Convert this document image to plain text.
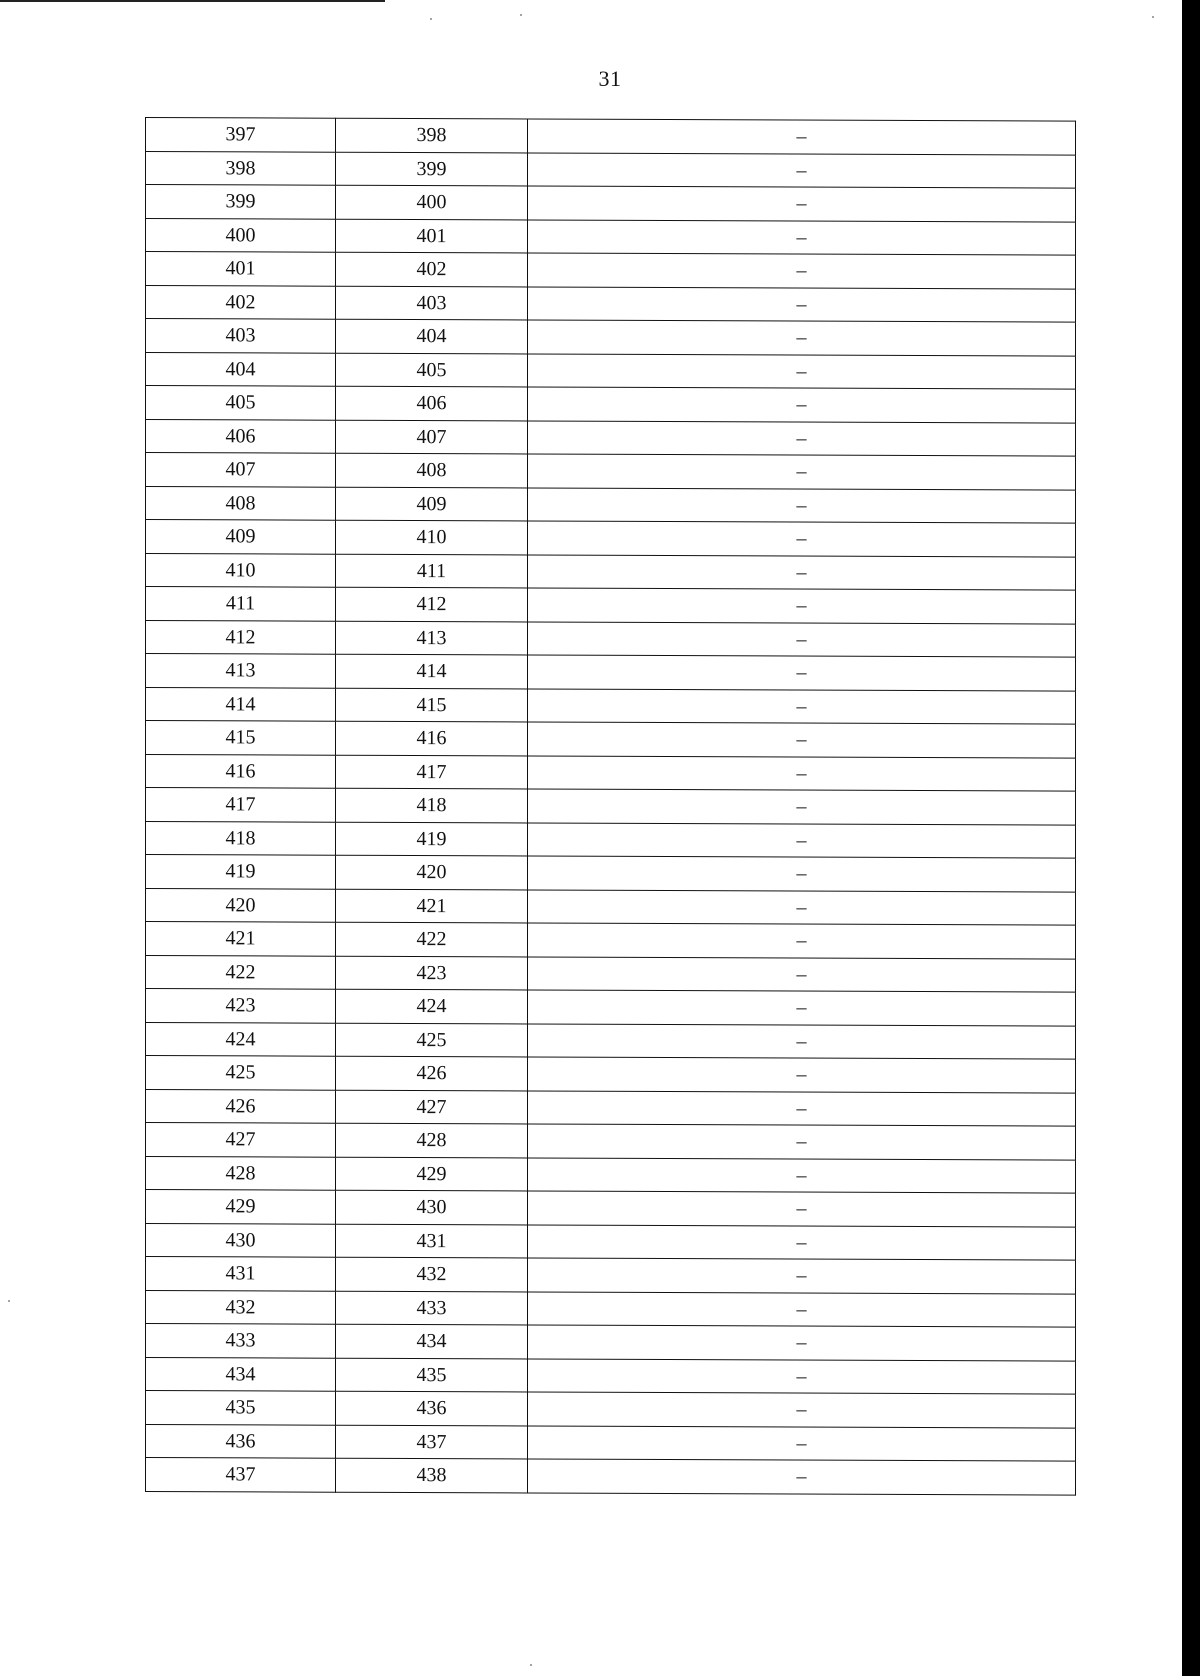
31
397	398	–
398	399	–
399	400	–
400	401	–
401	402	–
402	403	–
403	404	–
404	405	–
405	406	–
406	407	–
407	408	–
408	409	–
409	410	–
410	411	–
411	412	–
412	413	–
413	414	–
414	415	–
415	416	–
416	417	–
417	418	–
418	419	–
419	420	–
420	421	–
421	422	–
422	423	–
423	424	–
424	425	–
425	426	–
426	427	–
427	428	–
428	429	–
429	430	–
430	431	–
431	432	–
432	433	–
433	434	–
434	435	–
435	436	–
436	437	–
437	438	–
